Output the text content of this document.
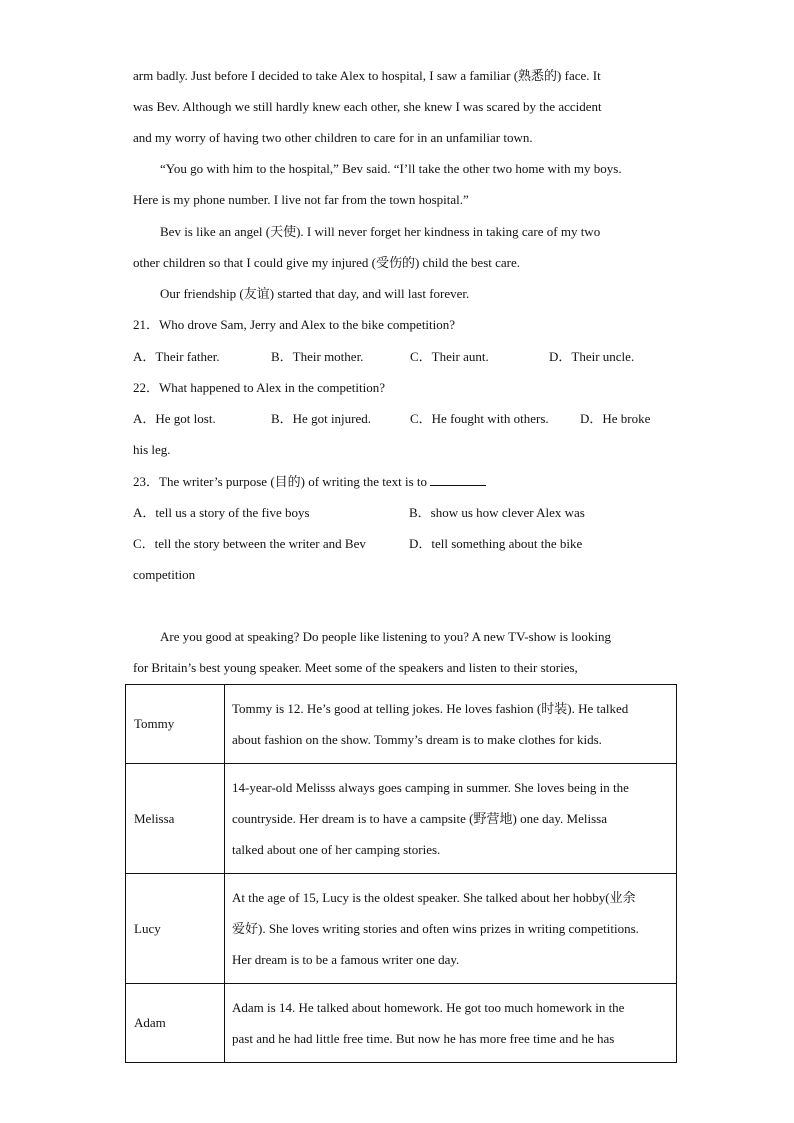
arm badly. Just before I decided to take Alex to hospital, I saw a familiar (熟悉的) face. It
was Bev. Although we still hardly knew each other, she knew I was scared by the accident
and my worry of having two other children to care for in an unfamiliar town.
“You go with him to the hospital,” Bev said. “I’ll take the other two home with my boys.
Here is my phone number. I live not far from the town hospital.”
Bev is like an angel (天使). I will never forget her kindness in taking care of my two
other children so that I could give my injured (受伤的) child the best care.
Our friendship (友谊) started that day, and will last forever.
21．Who drove Sam, Jerry and Alex to the bike competition?
A．Their father.	B．Their mother.	C．Their aunt.	D．Their uncle.
22．What happened to Alex in the competition?
A．He got lost.	B．He got injured.	C．He fought with others. D．He broke
his leg.
23．The writer’s purpose (目的) of writing the text is to
A．tell us a story of the five boys	B．show us how clever Alex was
C．tell the story between the writer and Bev	D．tell something about the bike
competition
Are you good at speaking? Do people like listening to you? A new TV-show is looking
for Britain’s best young speaker. Meet some of the speakers and listen to their stories,
Tommy	Tommy is 12. He’s good at telling jokes. He loves fashion (时装). He talked
about fashion on the show. Tommy’s dream is to make clothes for kids.

Melissa	14-year-old Melisss always goes camping in summer. She loves being in the
countryside. Her dream is to have a campsite (野营地) one day. Melissa
talked about one of her camping stories.

Lucy	At the age of 15, Lucy is the oldest speaker. She talked about her hobby(业余
爱好). She loves writing stories and often wins prizes in writing competitions.
Her dream is to be a famous writer one day.

Adam	Adam is 14. He talked about homework. He got too much homework in the
past and he had little free time. But now he has more free time and he has
